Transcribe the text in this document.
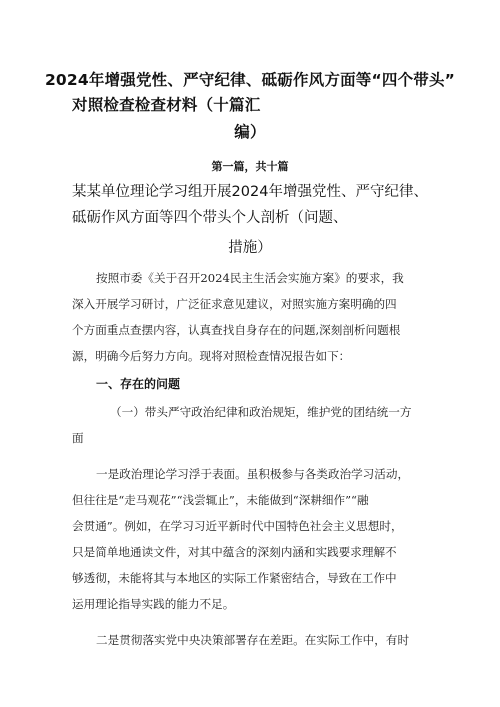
2024年增强党性、严守纪律、砥砺作风方面等“四个带头”
对照检查检查材料（十篇汇
编）
第一篇，共十篇
某某单位理论学习组开展2024年增强党性、严守纪律、
砥砺作风方面等四个带头个人剖析（问题、
措施）
按照市委《关于召开2024民主生活会实施方案》的要求，我
深入开展学习研讨，广泛征求意见建议，对照实施方案明确的四
个方面重点查摆内容，认真查找自身存在的问题,深刻剖析问题根
源，明确今后努力方向。现将对照检查情况报告如下：
一、存在的问题
（一）带头严守政治纪律和政治规矩，维护党的团结统一方
面
一是政治理论学习浮于表面。虽积极参与各类政治学习活动，
但往往是“走马观花”“浅尝辄止”，未能做到“深耕细作”“融
会贯通”。例如，在学习习近平新时代中国特色社会主义思想时，
只是简单地通读文件，对其中蕴含的深刻内涵和实践要求理解不
够透彻，未能将其与本地区的实际工作紧密结合，导致在工作中
运用理论指导实践的能力不足。
二是贯彻落实党中央决策部署存在差距。在实际工作中，有时
